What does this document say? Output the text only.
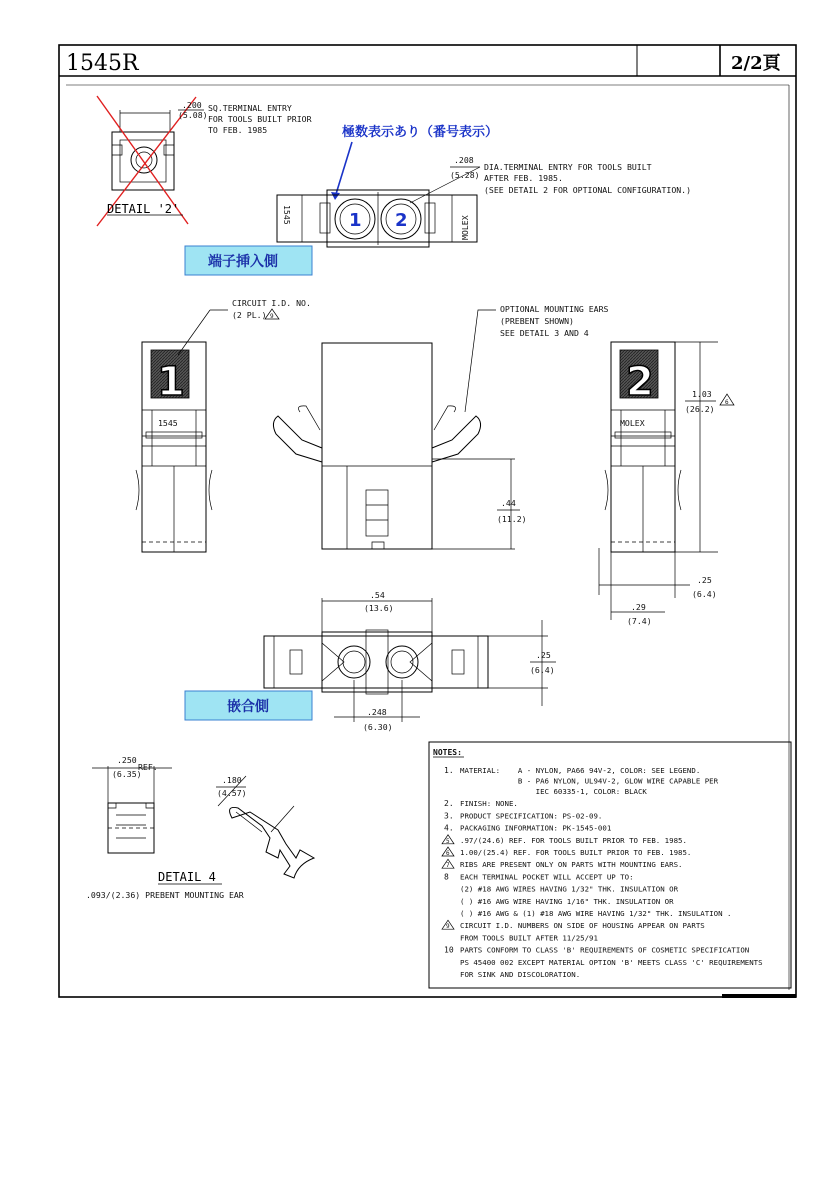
1545R	2/2頁
.200
(5.08)
SQ.TERMINAL ENTRY
FOR TOOLS BUILT PRIOR
TO FEB. 1985
DETAIL '2'
極数表示あり（番号表示）
1 2
1545
MOLEX
.208
(5.28)
DIA.TERMINAL ENTRY FOR TOOLS BUILT
AFTER FEB. 1985.
(SEE DETAIL 2 FOR OPTIONAL CONFIGURATION.)
端子挿入側
1
1545
CIRCUIT I.D. NO.
(2 PL.) 9
OPTIONAL MOUNTING EARS
(PREBENT SHOWN)
SEE DETAIL 3 AND 4
.44
(11.2)
2
MOLEX
1.03
(26.2)
6
.25
(6.4)
.29
(7.4)
.54
(13.6)
.25
(6.4)
.248
(6.30)
嵌合側
.250
(6.35)
REF.
.180
(4.57)
DETAIL 4
.093/(2.36) PREBENT MOUNTING EAR
NOTES:
1. MATERIAL:    A - NYLON, PA66 94V-2, COLOR: SEE LEGEND.
B - PA6 NYLON, UL94V-2, GLOW WIRE CAPABLE PER
IEC 60335-1, COLOR: BLACK
2. FINISH: NONE.
3. PRODUCT SPECIFICATION: PS-02-09.
4. PACKAGING INFORMATION: PK-1545-001
5 .97/(24.6) REF. FOR TOOLS BUILT PRIOR TO FEB. 1985.
6 1.00/(25.4) REF. FOR TOOLS BUILT PRIOR TO FEB. 1985.
7 RIBS ARE PRESENT ONLY ON PARTS WITH MOUNTING EARS.
8 EACH TERMINAL POCKET WILL ACCEPT UP TO:
(2) #18 AWG WIRES HAVING 1/32" THK. INSULATION OR
( ) #16 AWG WIRE HAVING 1/16" THK. INSULATION OR
( ) #16 AWG & (1) #18 AWG WIRE HAVING 1/32" THK. INSULATION .
9 CIRCUIT I.D. NUMBERS ON SIDE OF HOUSING APPEAR ON PARTS
FROM TOOLS BUILT AFTER 11/25/91
10 PARTS CONFORM TO CLASS 'B' REQUIREMENTS OF COSMETIC SPECIFICATION
PS 45400 002 EXCEPT MATERIAL OPTION 'B' MEETS CLASS 'C' REQUIREMENTS
FOR SINK AND DISCOLORATION.
